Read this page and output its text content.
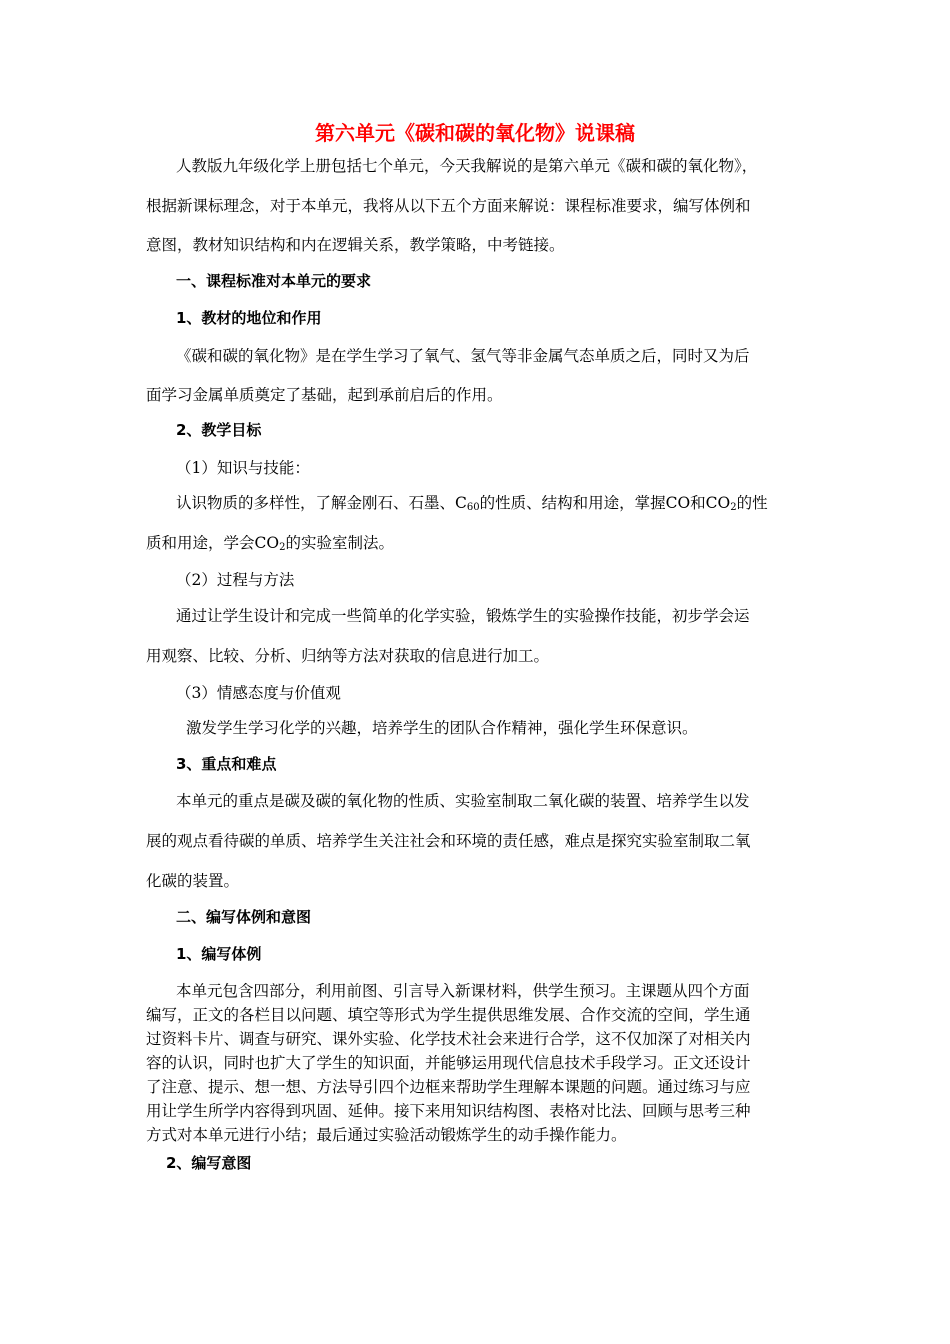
第六单元《碳和碳的氧化物》说课稿

人教版九年级化学上册包括七个单元，今天我解说的是第六单元《碳和碳的氧化物》，

根据新课标理念，对于本单元，我将从以下五个方面来解说：课程标准要求，编写体例和

意图，教材知识结构和内在逻辑关系，教学策略，中考链接。

一、课程标准对本单元的要求

1、教材的地位和作用

《碳和碳的氧化物》是在学生学习了氧气、氢气等非金属气态单质之后，同时又为后

面学习金属单质奠定了基础，起到承前启后的作用。

2、教学目标

（1）知识与技能：

认识物质的多样性，了解金刚石、石墨、$C_{60}$的性质、结构和用途，掌握CO和$CO_2$的性

质和用途，学会$CO_2$的实验室制法。

（2）过程与方法

通过让学生设计和完成一些简单的化学实验，锻炼学生的实验操作技能，初步学会运

用观察、比较、分析、归纳等方法对获取的信息进行加工。

（3）情感态度与价值观

激发学生学习化学的兴趣，培养学生的团队合作精神，强化学生环保意识。

3、重点和难点

本单元的重点是碳及碳的氧化物的性质、实验室制取二氧化碳的装置、培养学生以发

展的观点看待碳的单质、培养学生关注社会和环境的责任感，难点是探究实验室制取二氧

化碳的装置。

二、编写体例和意图

1、编写体例

本单元包含四部分，利用前图、引言导入新课材料，供学生预习。主课题从四个方面

编写，正文的各栏目以问题、填空等形式为学生提供思维发展、合作交流的空间，学生通

过资料卡片、调查与研究、课外实验、化学技术社会来进行合学，这不仅加深了对相关内

容的认识，同时也扩大了学生的知识面，并能够运用现代信息技术手段学习。正文还设计

了注意、提示、想一想、方法导引四个边框来帮助学生理解本课题的问题。通过练习与应

用让学生所学内容得到巩固、延伸。接下来用知识结构图、表格对比法、回顾与思考三种

方式对本单元进行小结；最后通过实验活动锻炼学生的动手操作能力。

2、编写意图
